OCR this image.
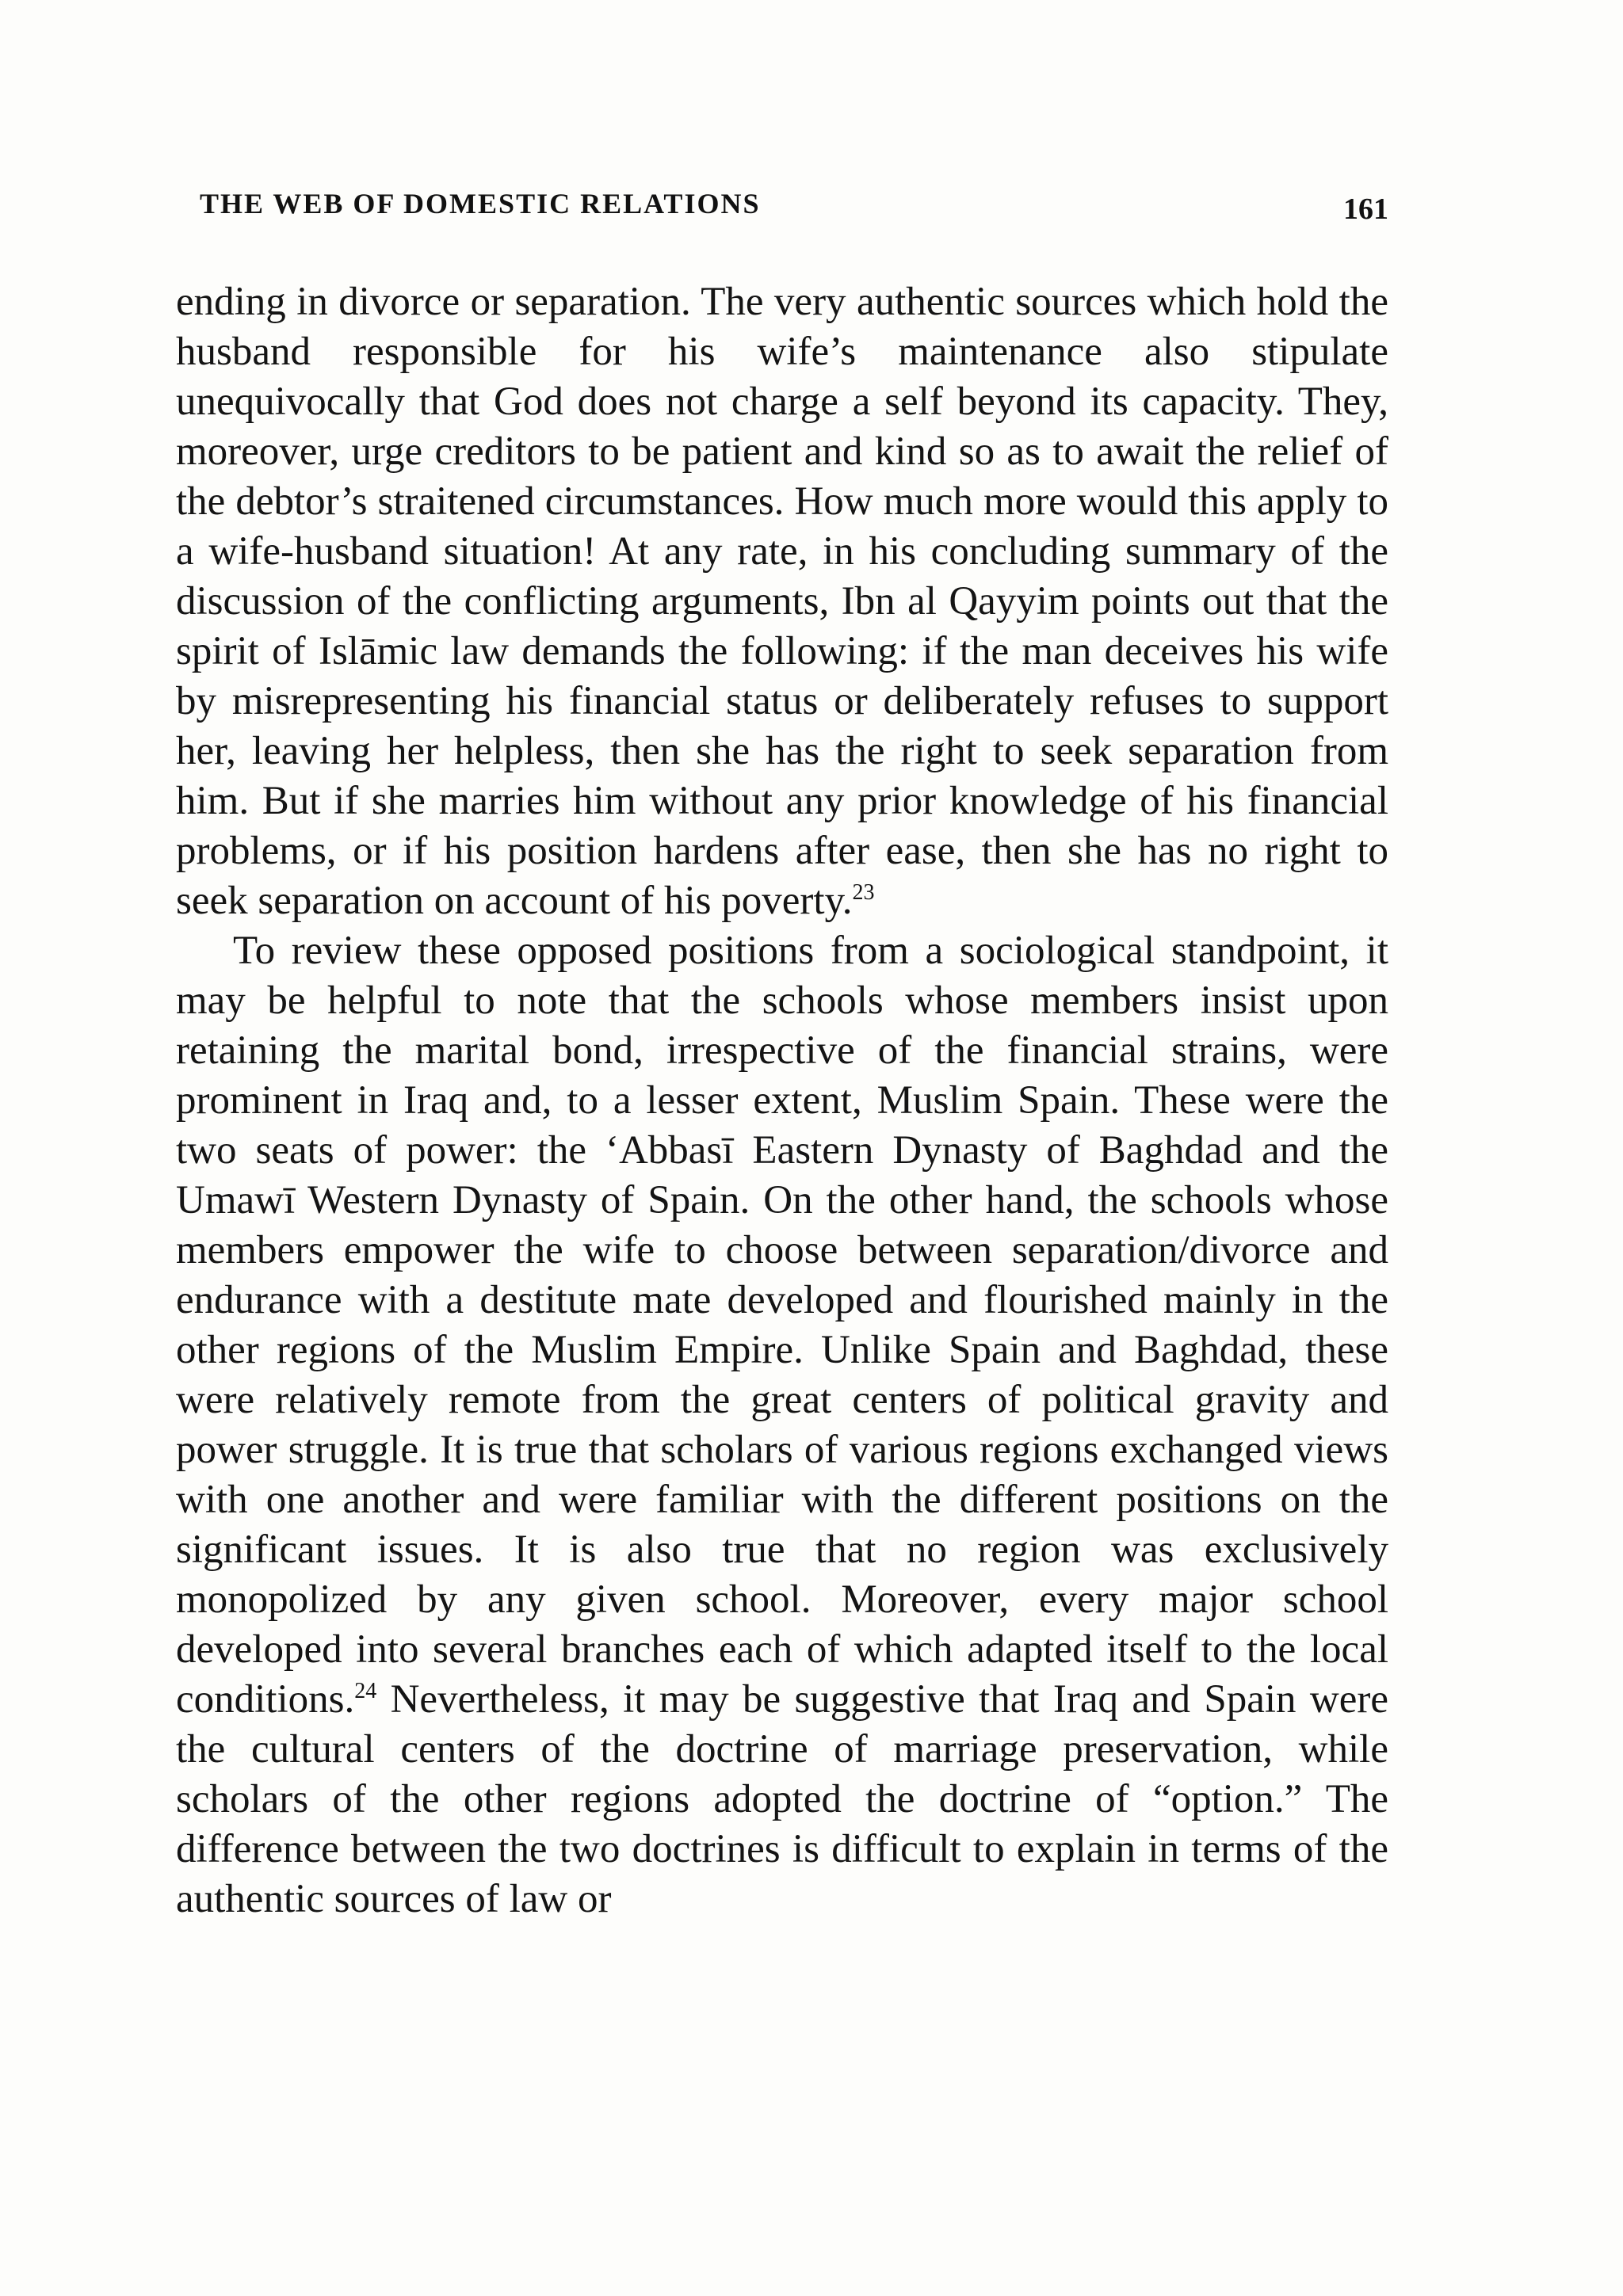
THE WEB OF DOMESTIC RELATIONS	161

ending in divorce or separation. The very authentic sources which hold the husband responsible for his wife’s maintenance also stipulate unequivocally that God does not charge a self beyond its capacity. They, moreover, urge creditors to be patient and kind so as to await the relief of the debtor’s straitened circumstances. How much more would this apply to a wife-husband situation! At any rate, in his concluding summary of the discussion of the conflicting arguments, Ibn al Qayyim points out that the spirit of Islāmic law demands the following: if the man deceives his wife by misrepresenting his financial status or deliberately refuses to support her, leaving her helpless, then she has the right to seek separation from him. But if she marries him without any prior knowledge of his financial problems, or if his position hardens after ease, then she has no right to seek separation on account of his poverty.$^{23}$

To review these opposed positions from a sociological standpoint, it may be helpful to note that the schools whose members insist upon retaining the marital bond, irrespective of the financial strains, were prominent in Iraq and, to a lesser extent, Muslim Spain. These were the two seats of power: the ‘Abbasī Eastern Dynasty of Baghdad and the Umawī Western Dynasty of Spain. On the other hand, the schools whose members empower the wife to choose between separation/divorce and endurance with a destitute mate developed and flourished mainly in the other regions of the Muslim Empire. Unlike Spain and Baghdad, these were relatively remote from the great centers of political gravity and power struggle. It is true that scholars of various regions exchanged views with one another and were familiar with the different positions on the significant issues. It is also true that no region was exclusively monopolized by any given school. Moreover, every major school developed into several branches each of which adapted itself to the local conditions.$^{24}$ Nevertheless, it may be suggestive that Iraq and Spain were the cultural centers of the doctrine of marriage preservation, while scholars of the other regions adopted the doctrine of “option.” The difference between the two doctrines is difficult to explain in terms of the authentic sources of law or
